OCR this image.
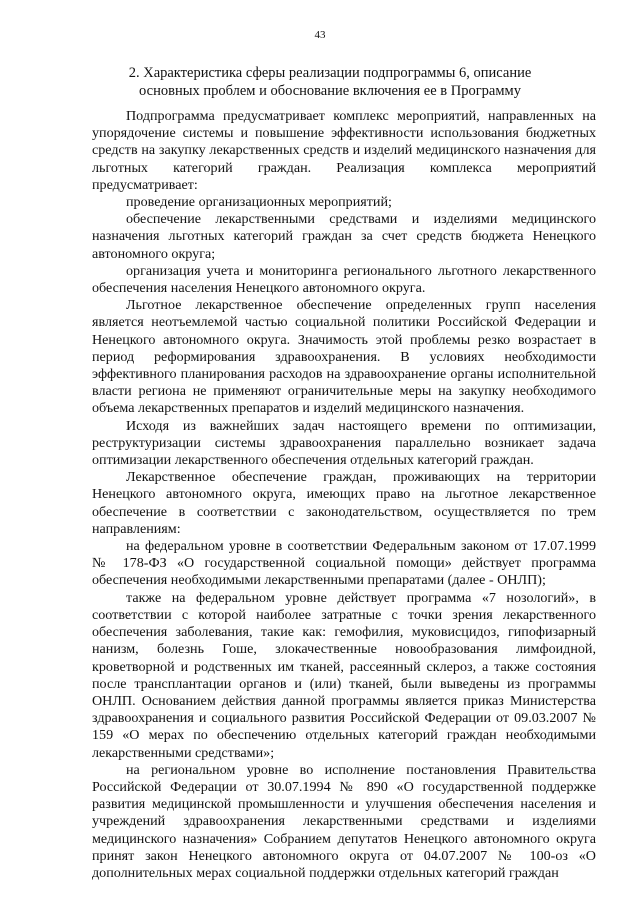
43
2. Характеристика сферы реализации подпрограммы 6, описание
основных проблем и обоснование включения ее в Программу

Подпрограмма предусматривает комплекс мероприятий, направленных на упорядочение системы и повышение эффективности использования бюджетных средств на закупку лекарственных средств и изделий медицинского назначения для льготных категорий граждан. Реализация комплекса мероприятий предусматривает:

проведение организационных мероприятий;

обеспечение лекарственными средствами и изделиями медицинского назначения льготных категорий граждан за счет средств бюджета Ненецкого автономного округа;

организация учета и мониторинга регионального льготного лекарственного обеспечения населения Ненецкого автономного округа.

Льготное лекарственное обеспечение определенных групп населения является неотъемлемой частью социальной политики Российской Федерации и Ненецкого автономного округа. Значимость этой проблемы резко возрастает в период реформирования здравоохранения. В условиях необходимости эффективного планирования расходов на здравоохранение органы исполнительной власти региона не применяют ограничительные меры на закупку необходимого объема лекарственных препаратов и изделий медицинского назначения.

Исходя из важнейших задач настоящего времени по оптимизации, реструктуризации системы здравоохранения параллельно возникает задача оптимизации лекарственного обеспечения отдельных категорий граждан.

Лекарственное обеспечение граждан, проживающих на территории Ненецкого автономного округа, имеющих право на льготное лекарственное обеспечение в соответствии с законодательством, осуществляется по трем направлениям:

на федеральном уровне в соответствии Федеральным законом от 17.07.1999 № 178-ФЗ «О государственной социальной помощи» действует программа обеспечения необходимыми лекарственными препаратами (далее - ОНЛП);

также на федеральном уровне действует программа «7 нозологий», в соответствии с которой наиболее затратные с точки зрения лекарственного обеспечения заболевания, такие как: гемофилия, муковисцидоз, гипофизарный нанизм, болезнь Гоше, злокачественные новообразования лимфоидной, кроветворной и родственных им тканей, рассеянный склероз, а также состояния после трансплантации органов и (или) тканей, были выведены из программы ОНЛП. Основанием действия данной программы является приказ Министерства здравоохранения и социального развития Российской Федерации от 09.03.2007 № 159 «О мерах по обеспечению отдельных категорий граждан необходимыми лекарственными средствами»;

на региональном уровне во исполнение постановления Правительства Российской Федерации от 30.07.1994 № 890 «О государственной поддержке развития медицинской промышленности и улучшения обеспечения населения и учреждений здравоохранения лекарственными средствами и изделиями медицинского назначения» Собранием депутатов Ненецкого автономного округа принят закон Ненецкого автономного округа от 04.07.2007 № 100-оз «О дополнительных мерах социальной поддержки отдельных категорий граждан
